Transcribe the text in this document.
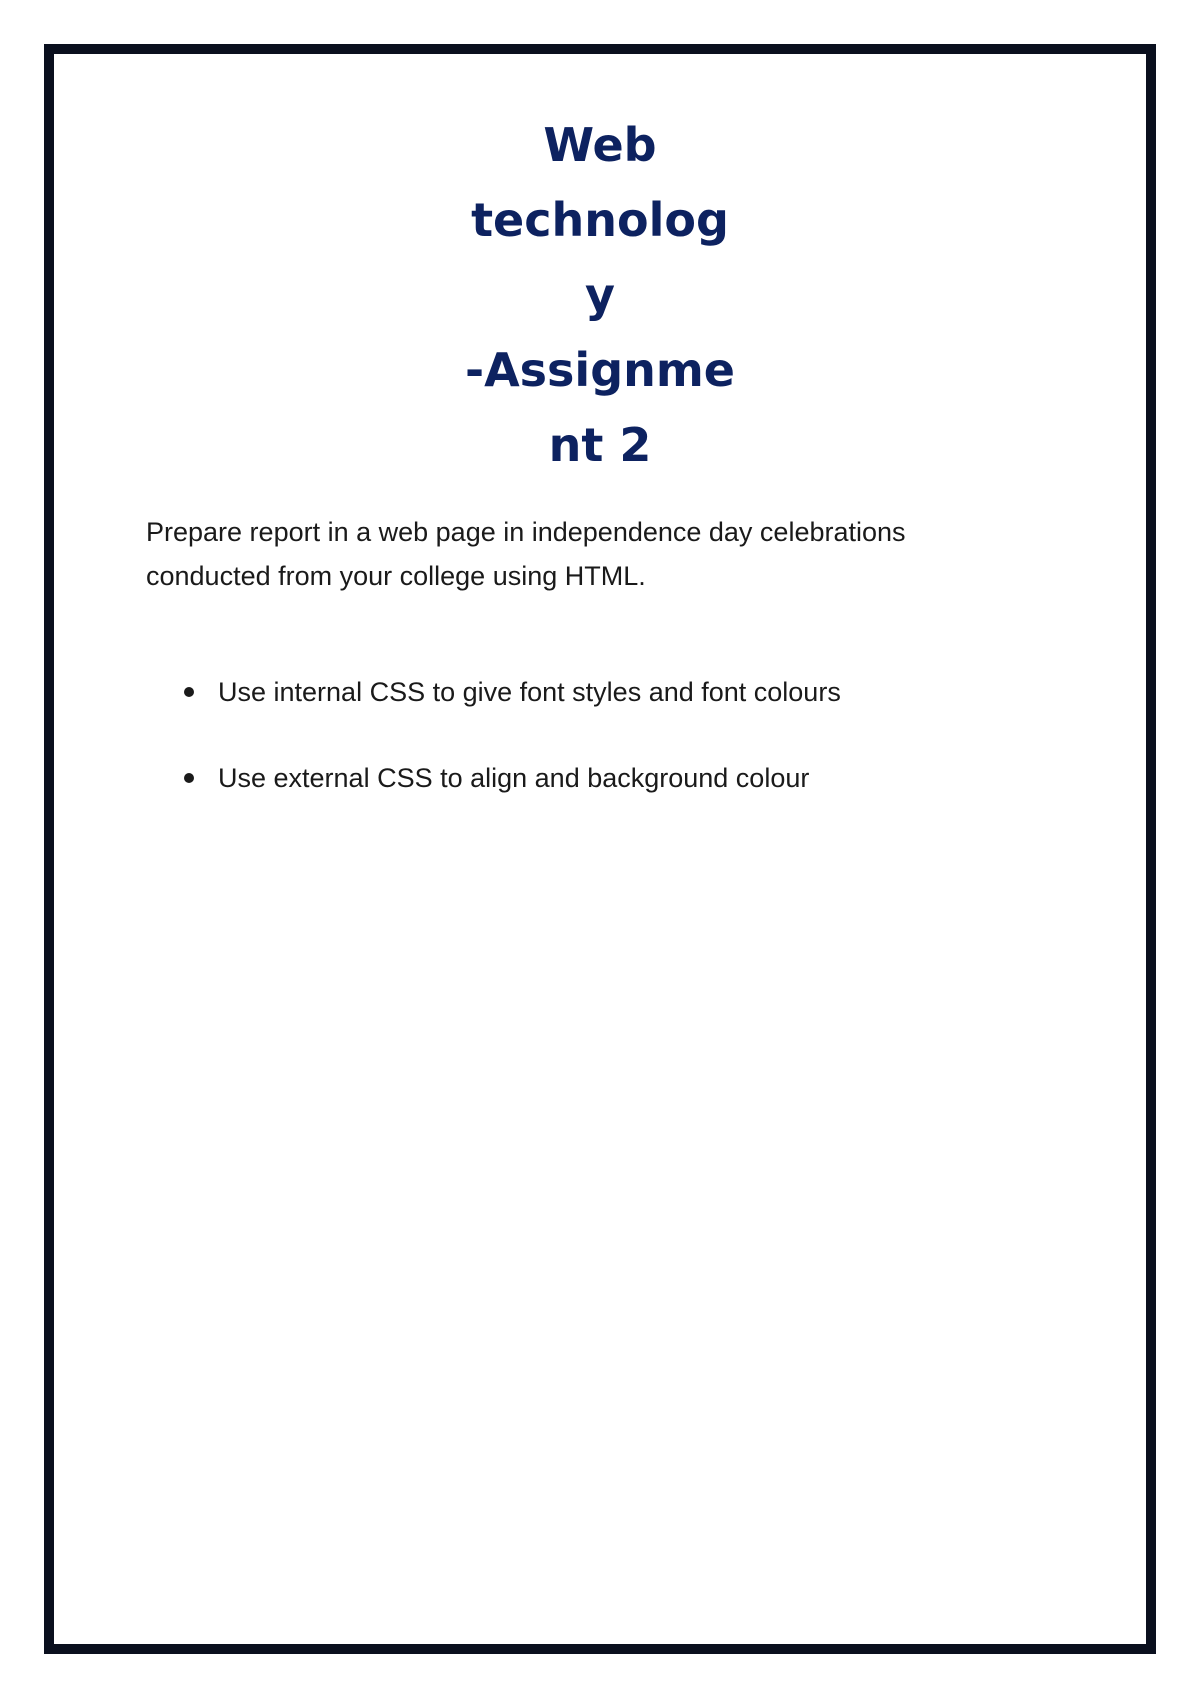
Web
technolog
y
-Assignme
nt 2

Prepare report in a web page in independence day celebrations conducted from your college using HTML.

Use internal CSS to give font styles and font colours
Use external CSS to align and background colour
